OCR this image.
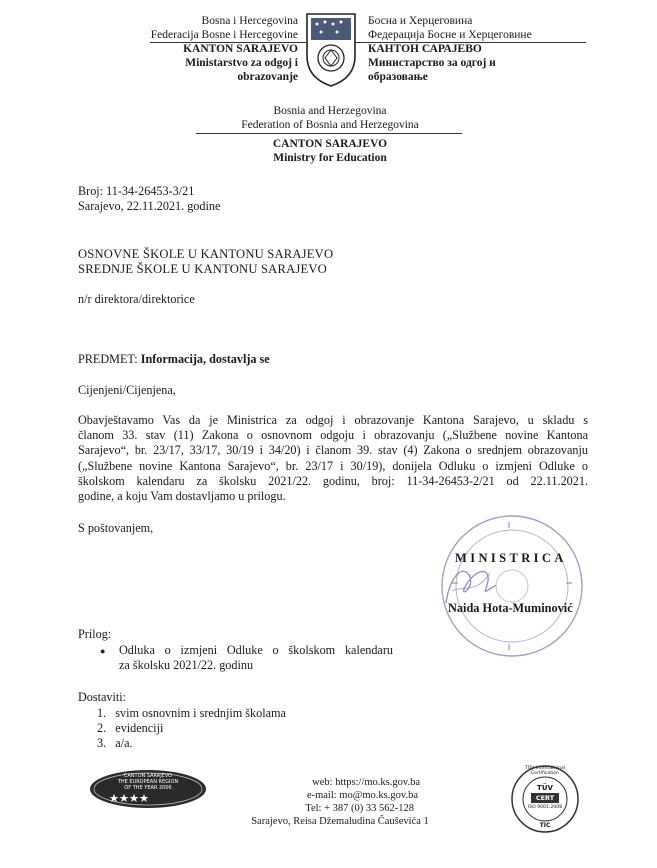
Bosna i Hercegovina
Federacija Bosne i Hercegovine
KANTON SARAJEVO
Ministarstvo za odgoj i
obrazovanje
Босна и Херцеговина
Федерација Босне и Херцеговине
КАНТОН САРАЈЕВО
Министарство за одгој и
образовање
Bosnia and Herzegovina
Federation of Bosnia and Herzegovina
CANTON SARAJEVO
Ministry for Education
Broj: 11-34-26453-3/21
Sarajevo, 22.11.2021. godine
OSNOVNE ŠKOLE U KANTONU SARAJEVO
SREDNJE ŠKOLE U KANTONU SARAJEVO
n/r direktora/direktorice
PREDMET: Informacija, dostavlja se
Cijenjeni/Cijenjena,
Obavještavamo Vas da je Ministrica za odgoj i obrazovanje Kantona Sarajevo, u skladu s
članom 33. stav (11) Zakona o osnovnom odgoju i obrazovanju („Službene novine Kantona
Sarajevo“, br. 23/17, 33/17, 30/19 i 34/20) i članom 39. stav (4) Zakona o srednjem obrazovanju
(„Službene novine Kantona Sarajevo“, br. 23/17 i 30/19), donijela Odluku o izmjeni Odluke o
školskom kalendaru za školsku 2021/22. godinu, broj: 11-34-26453-2/21 od 22.11.2021.
godine, a koju Vam dostavljamo u prilogu.
S poštovanjem,
MINISTRICA
Naida Hota-Muminović
Prilog:
● Odluka o izmjeni Odluke o školskom kalendaru
za školsku 2021/22. godinu
Dostaviti:
1. svim osnovnim i srednjim školama
2. evidenciji
3. a/a.
CANTON SARAJEVO
THE EUROPEAN REGION
OF THE YEAR 2006	web: https://mo.ks.gov.ba
e-mail: mo@mo.ks.gov.ba
Tel: + 387 (0) 33 562-128
Sarajevo, Reisa Džemaludina Čauševića 1
TÜV International Certification
TÜV
CERT
ISO 9001:2008
TIC
